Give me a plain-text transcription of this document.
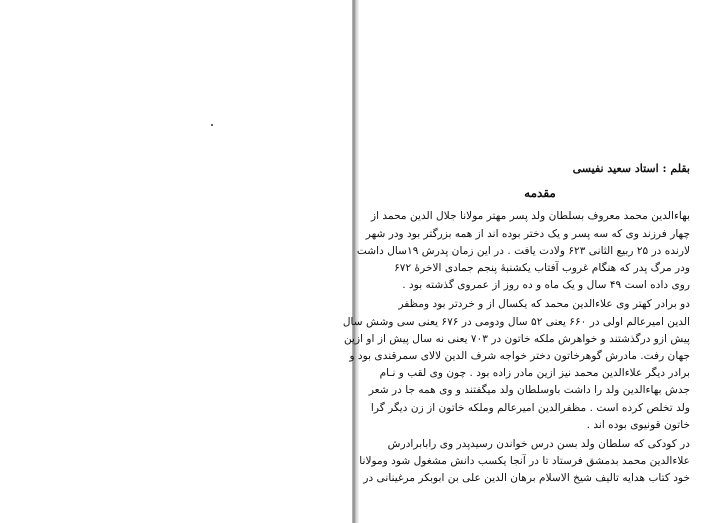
بقلم : استاد سعید نفیسی

مقدمه
بهاءالدین محمد معروف بسلطان ولد پسر مهتر مولانا جلال الدین محمد از
چهار فرزند وی که سه پسر و یک دختر بوده اند از همه بزرگتر بود ودر شهر
لارنده در ۲۵ ربیع الثانی ۶۲۳ ولادت یافت . در این زمان پدرش ۱۹سال داشت
ودر مرگ پدر که هنگام غروب آفتاب یکشنبهٔ پنجم جمادی الاخرهٔ ۶۷۲
روی داده است ۴۹ سال و یک ماه و ده روز از عمروی گذشته بود .
دو برادر کهتر وی علاءالدین محمد که یکسال از و خردتر بود ومظفر
الدین امیرعالم اولی در ۶۶۰ یعنی ۵۲ سال ودومی در ۶۷۶ یعنی سی وشش سال
پیش ازو درگذشتند و خواهرش ملکه خاتون در ۷۰۳ یعنی نه سال پیش از او ازین
جهان رفت. مادرش گوهرخاتون دختر خواجه شرف الدین لالای سمرقندی بود و
برادر دیگر علاءالدین محمد نیز ازین مادر زاده بود . چون وی لقب و نـام
جدش بهاءالدین ولد را داشت باوسلطان ولد میگفتند و وی همه جا در شعر
ولد تخلص کرده است . مظفرالدین امیرعالم وملکه خاتون از زن دیگر گرا
خاتون قونیوی بوده اند .
در کودکی که سلطان ولد بسن درس خواندن رسیدپدر وی رابابرادرش
علاءالدین محمد بدمشق فرستاد تا در آنجا یکسب دانش مشغول شود ومولانا
خود کتاب هدایه تالیف شیخ الاسلام برهان الدین علی بن ابوبکر مرغینانی در
